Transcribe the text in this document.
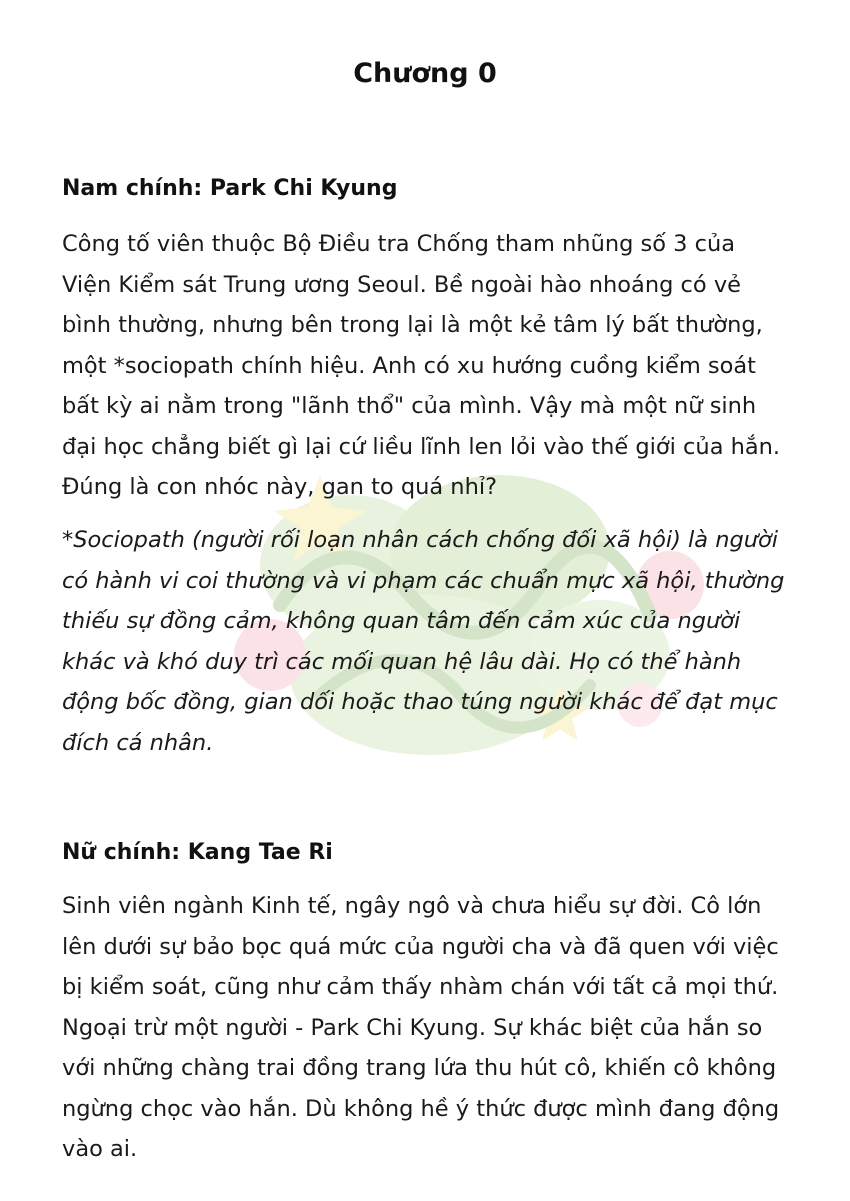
Chương 0
Nam chính: Park Chi Kyung

Công tố viên thuộc Bộ Điều tra Chống tham nhũng số 3 của
Viện Kiểm sát Trung ương Seoul. Bề ngoài hào nhoáng có vẻ
bình thường, nhưng bên trong lại là một kẻ tâm lý bất thường,
một *sociopath chính hiệu. Anh có xu hướng cuồng kiểm soát
bất kỳ ai nằm trong "lãnh thổ" của mình. Vậy mà một nữ sinh
đại học chẳng biết gì lại cứ liều lĩnh len lỏi vào thế giới của hắn.
Đúng là con nhóc này, gan to quá nhỉ?

*Sociopath (người rối loạn nhân cách chống đối xã hội) là người
có hành vi coi thường và vi phạm các chuẩn mực xã hội, thường
thiếu sự đồng cảm, không quan tâm đến cảm xúc của người
khác và khó duy trì các mối quan hệ lâu dài. Họ có thể hành
động bốc đồng, gian dối hoặc thao túng người khác để đạt mục
đích cá nhân.

Nữ chính: Kang Tae Ri

Sinh viên ngành Kinh tế, ngây ngô và chưa hiểu sự đời. Cô lớn
lên dưới sự bảo bọc quá mức của người cha và đã quen với việc
bị kiểm soát, cũng như cảm thấy nhàm chán với tất cả mọi thứ.
Ngoại trừ một người - Park Chi Kyung. Sự khác biệt của hắn so
với những chàng trai đồng trang lứa thu hút cô, khiến cô không
ngừng chọc vào hắn. Dù không hề ý thức được mình đang động
vào ai.
